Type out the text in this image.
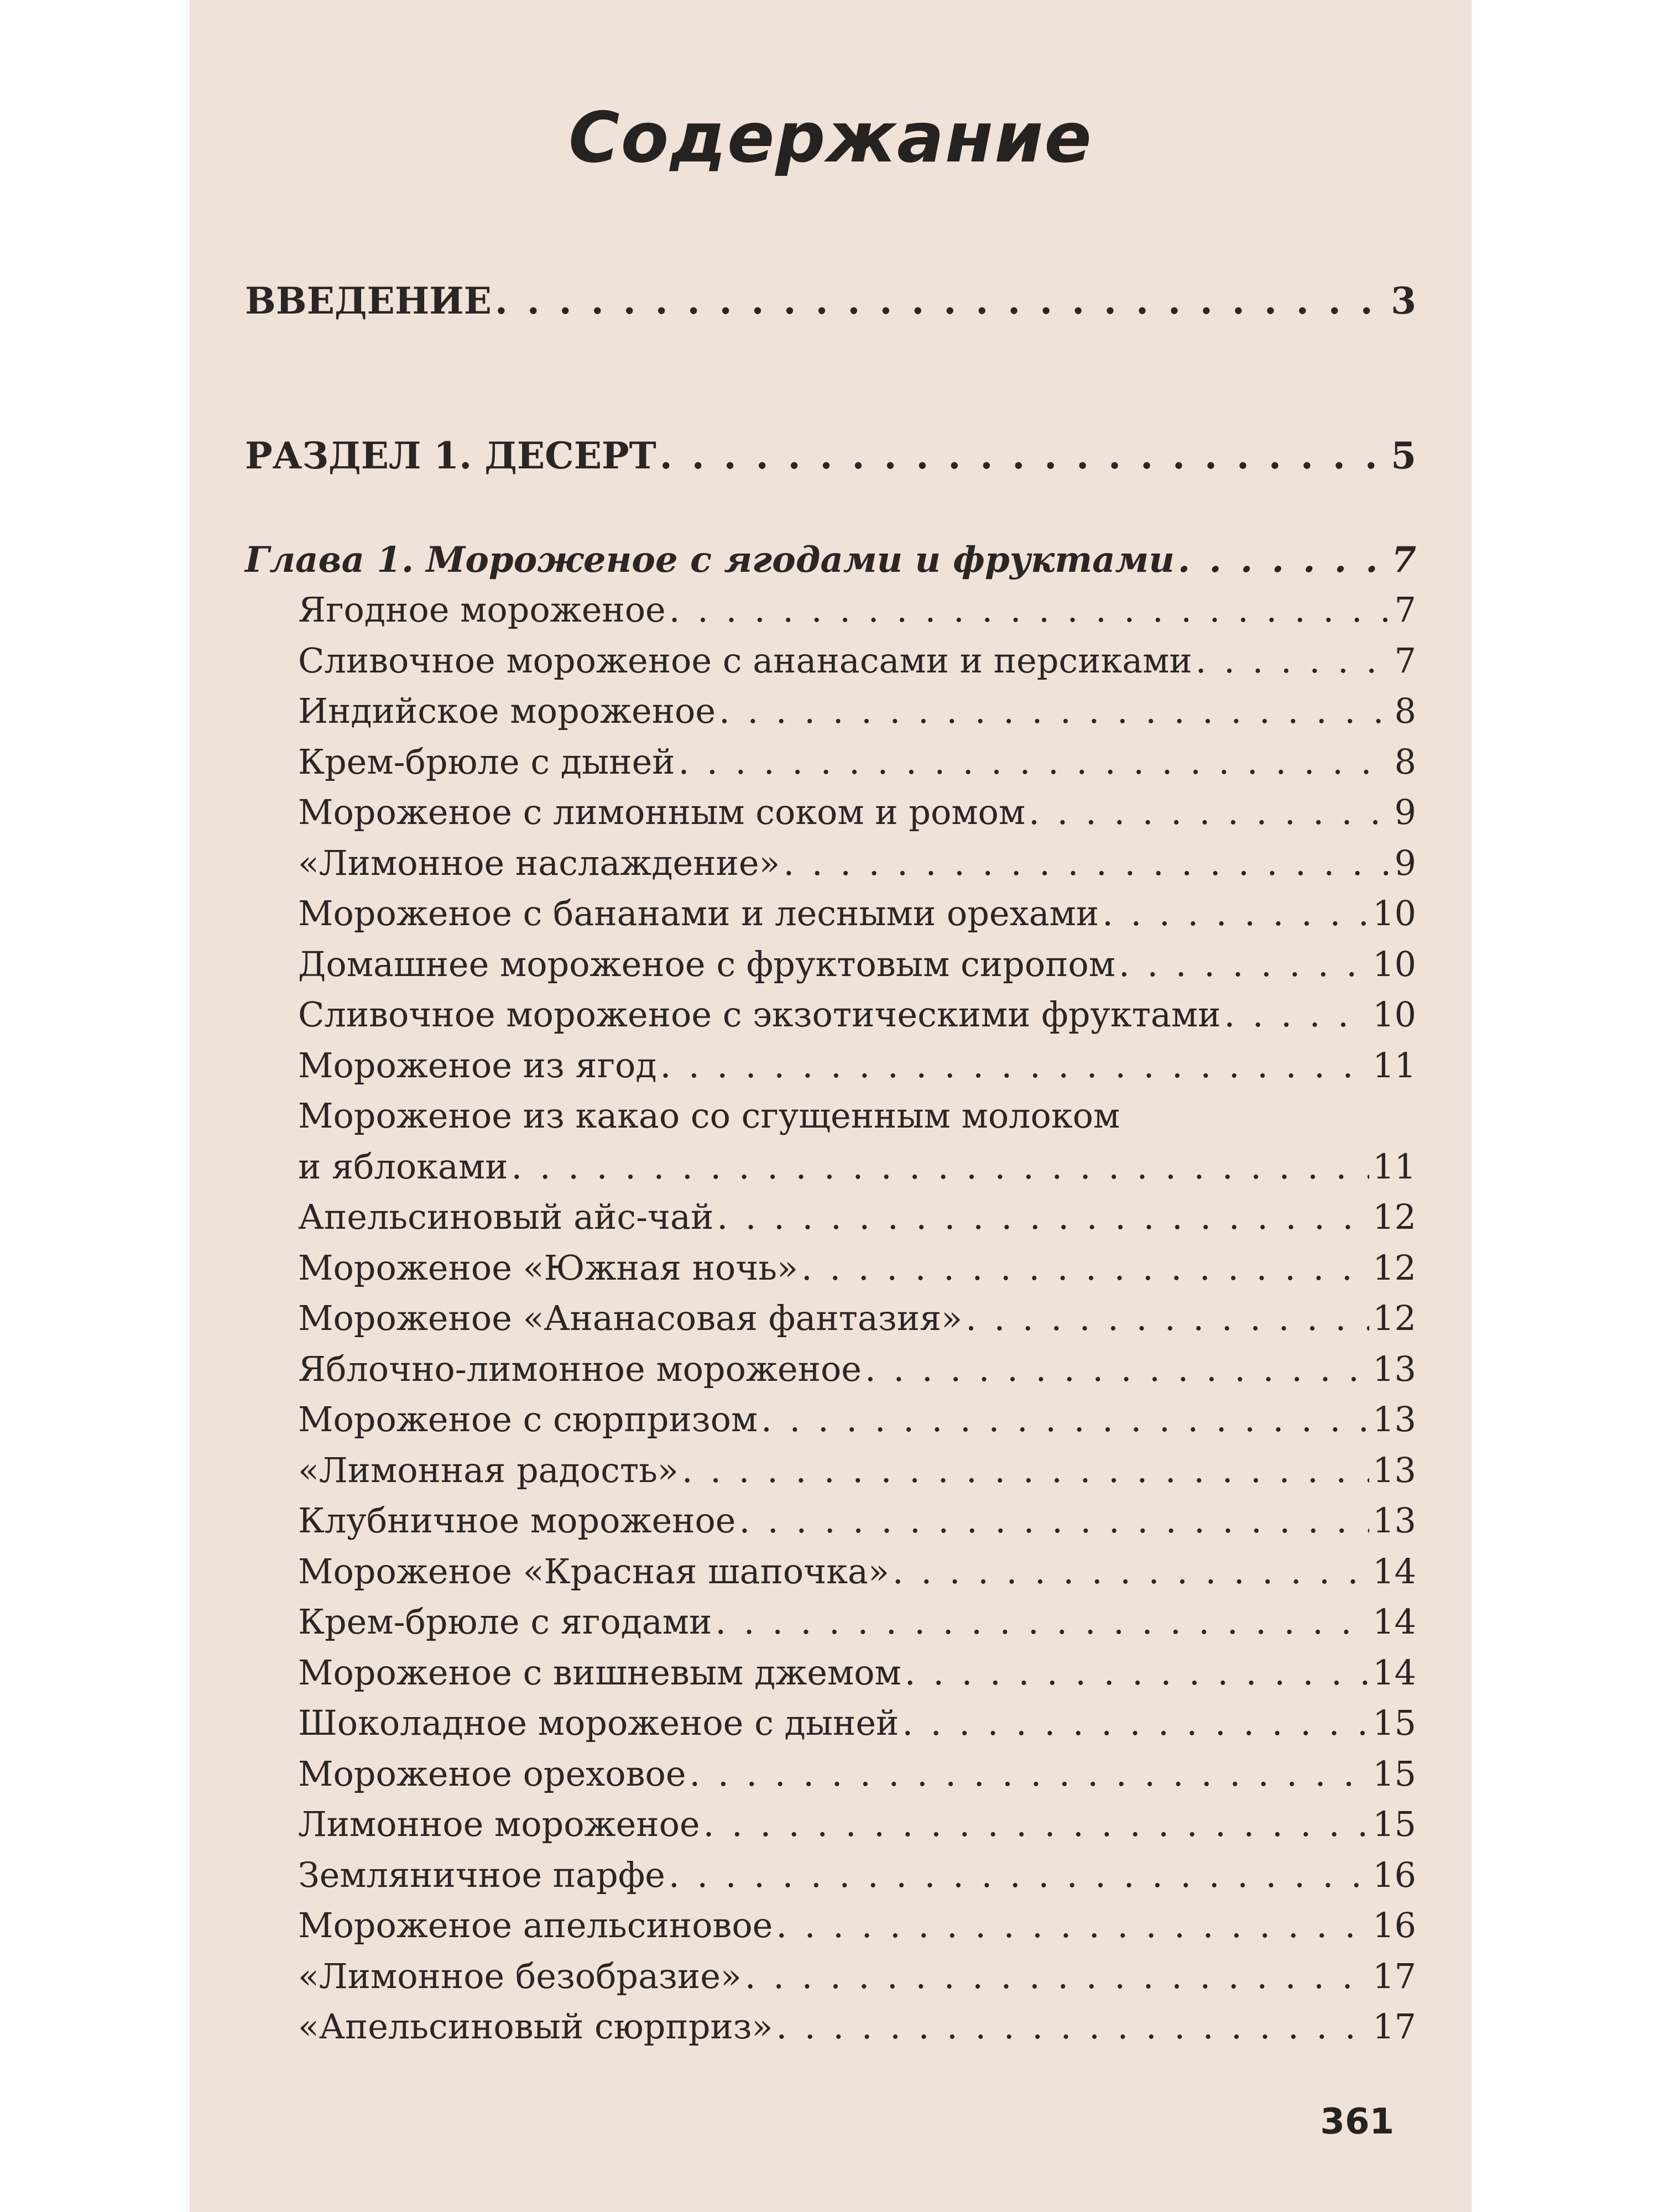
Содержание
ВВЕДЕНИЕ . . .	3
РАЗДЕЛ 1. ДЕСЕРТ . . .	5
Глава 1. Мороженое с ягодами и фруктами . . .	7
Ягодное мороженое . . .	7
Сливочное мороженое с ананасами и персиками . . .	7
Индийское мороженое . . .	8
Крем-брюле с дыней . . .	8
Мороженое с лимонным соком и ромом . . .	9
«Лимонное наслаждение» . . .	9
Мороженое с бананами и лесными орехами . . .	10
Домашнее мороженое с фруктовым сиропом . . .	10
Сливочное мороженое с экзотическими фруктами . . .	10
Мороженое из ягод . . .	11
Мороженое из какао со сгущенным молоком
и яблоками . . .	11
Апельсиновый айс-чай . . .	12
Мороженое «Южная ночь» . . .	12
Мороженое «Ананасовая фантазия» . . .	12
Яблочно-лимонное мороженое . . .	13
Мороженое с сюрпризом . . .	13
«Лимонная радость» . . .	13
Клубничное мороженое . . .	13
Мороженое «Красная шапочка» . . .	14
Крем-брюле с ягодами . . .	14
Мороженое с вишневым джемом . . .	14
Шоколадное мороженое с дыней . . .	15
Мороженое ореховое . . .	15
Лимонное мороженое . . .	15
Земляничное парфе . . .	16
Мороженое апельсиновое . . .	16
«Лимонное безобразие» . . .	17
«Апельсиновый сюрприз» . . .	17
361
